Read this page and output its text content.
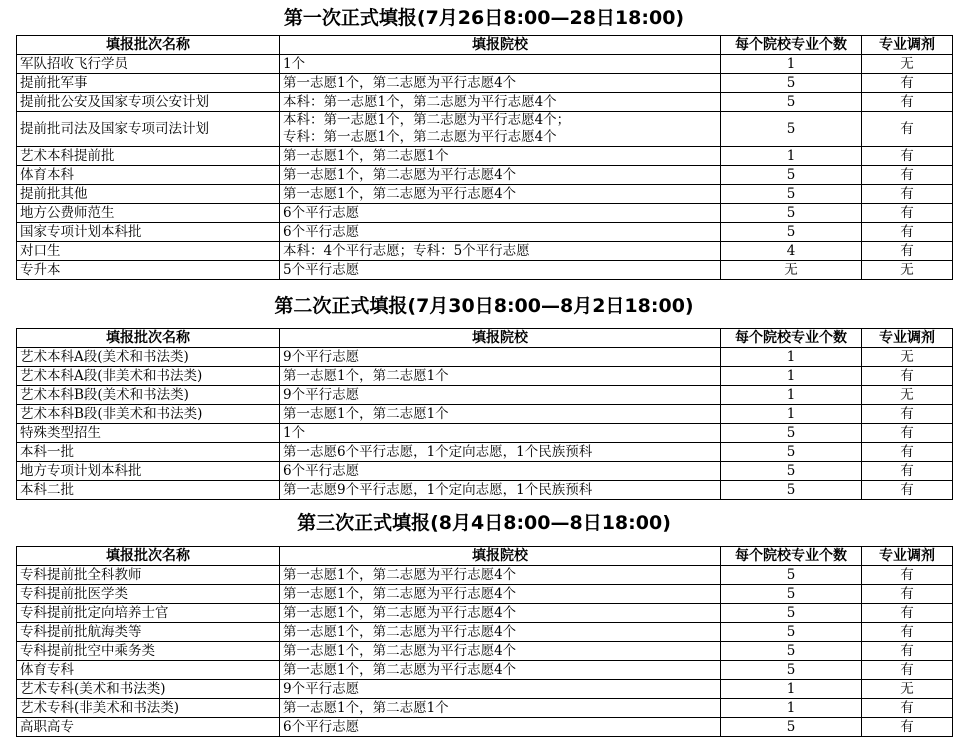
第一次正式填报(7月26日8:00—28日18:00)
填报批次名称	填报院校	每个院校专业个数	专业调剂
军队招收飞行学员	1个	1	无
提前批军事	第一志愿1个，第二志愿为平行志愿4个	5	有
提前批公安及国家专项公安计划	本科：第一志愿1个，第二志愿为平行志愿4个	5	有
提前批司法及国家专项司法计划	本科：第一志愿1个，第二志愿为平行志愿4个；
专科：第一志愿1个，第二志愿为平行志愿4个	5	有
艺术本科提前批	第一志愿1个，第二志愿1个	1	有
体育本科	第一志愿1个，第二志愿为平行志愿4个	5	有
提前批其他	第一志愿1个，第二志愿为平行志愿4个	5	有
地方公费师范生	6个平行志愿	5	有
国家专项计划本科批	6个平行志愿	5	有
对口生	本科：4个平行志愿；专科：5个平行志愿	4	有
专升本	5个平行志愿	无	无
第二次正式填报(7月30日8:00—8月2日18:00)
填报批次名称	填报院校	每个院校专业个数	专业调剂
艺术本科A段(美术和书法类)	9个平行志愿	1	无
艺术本科A段(非美术和书法类)	第一志愿1个，第二志愿1个	1	有
艺术本科B段(美术和书法类)	9个平行志愿	1	无
艺术本科B段(非美术和书法类)	第一志愿1个，第二志愿1个	1	有
特殊类型招生	1个	5	有
本科一批	第一志愿6个平行志愿，1个定向志愿，1个民族预科	5	有
地方专项计划本科批	6个平行志愿	5	有
本科二批	第一志愿9个平行志愿，1个定向志愿，1个民族预科	5	有
第三次正式填报(8月4日8:00—8日18:00)
填报批次名称	填报院校	每个院校专业个数	专业调剂
专科提前批全科教师	第一志愿1个，第二志愿为平行志愿4个	5	有
专科提前批医学类	第一志愿1个，第二志愿为平行志愿4个	5	有
专科提前批定向培养士官	第一志愿1个，第二志愿为平行志愿4个	5	有
专科提前批航海类等	第一志愿1个，第二志愿为平行志愿4个	5	有
专科提前批空中乘务类	第一志愿1个，第二志愿为平行志愿4个	5	有
体育专科	第一志愿1个，第二志愿为平行志愿4个	5	有
艺术专科(美术和书法类)	9个平行志愿	1	无
艺术专科(非美术和书法类)	第一志愿1个，第二志愿1个	1	有
高职高专	6个平行志愿	5	有
